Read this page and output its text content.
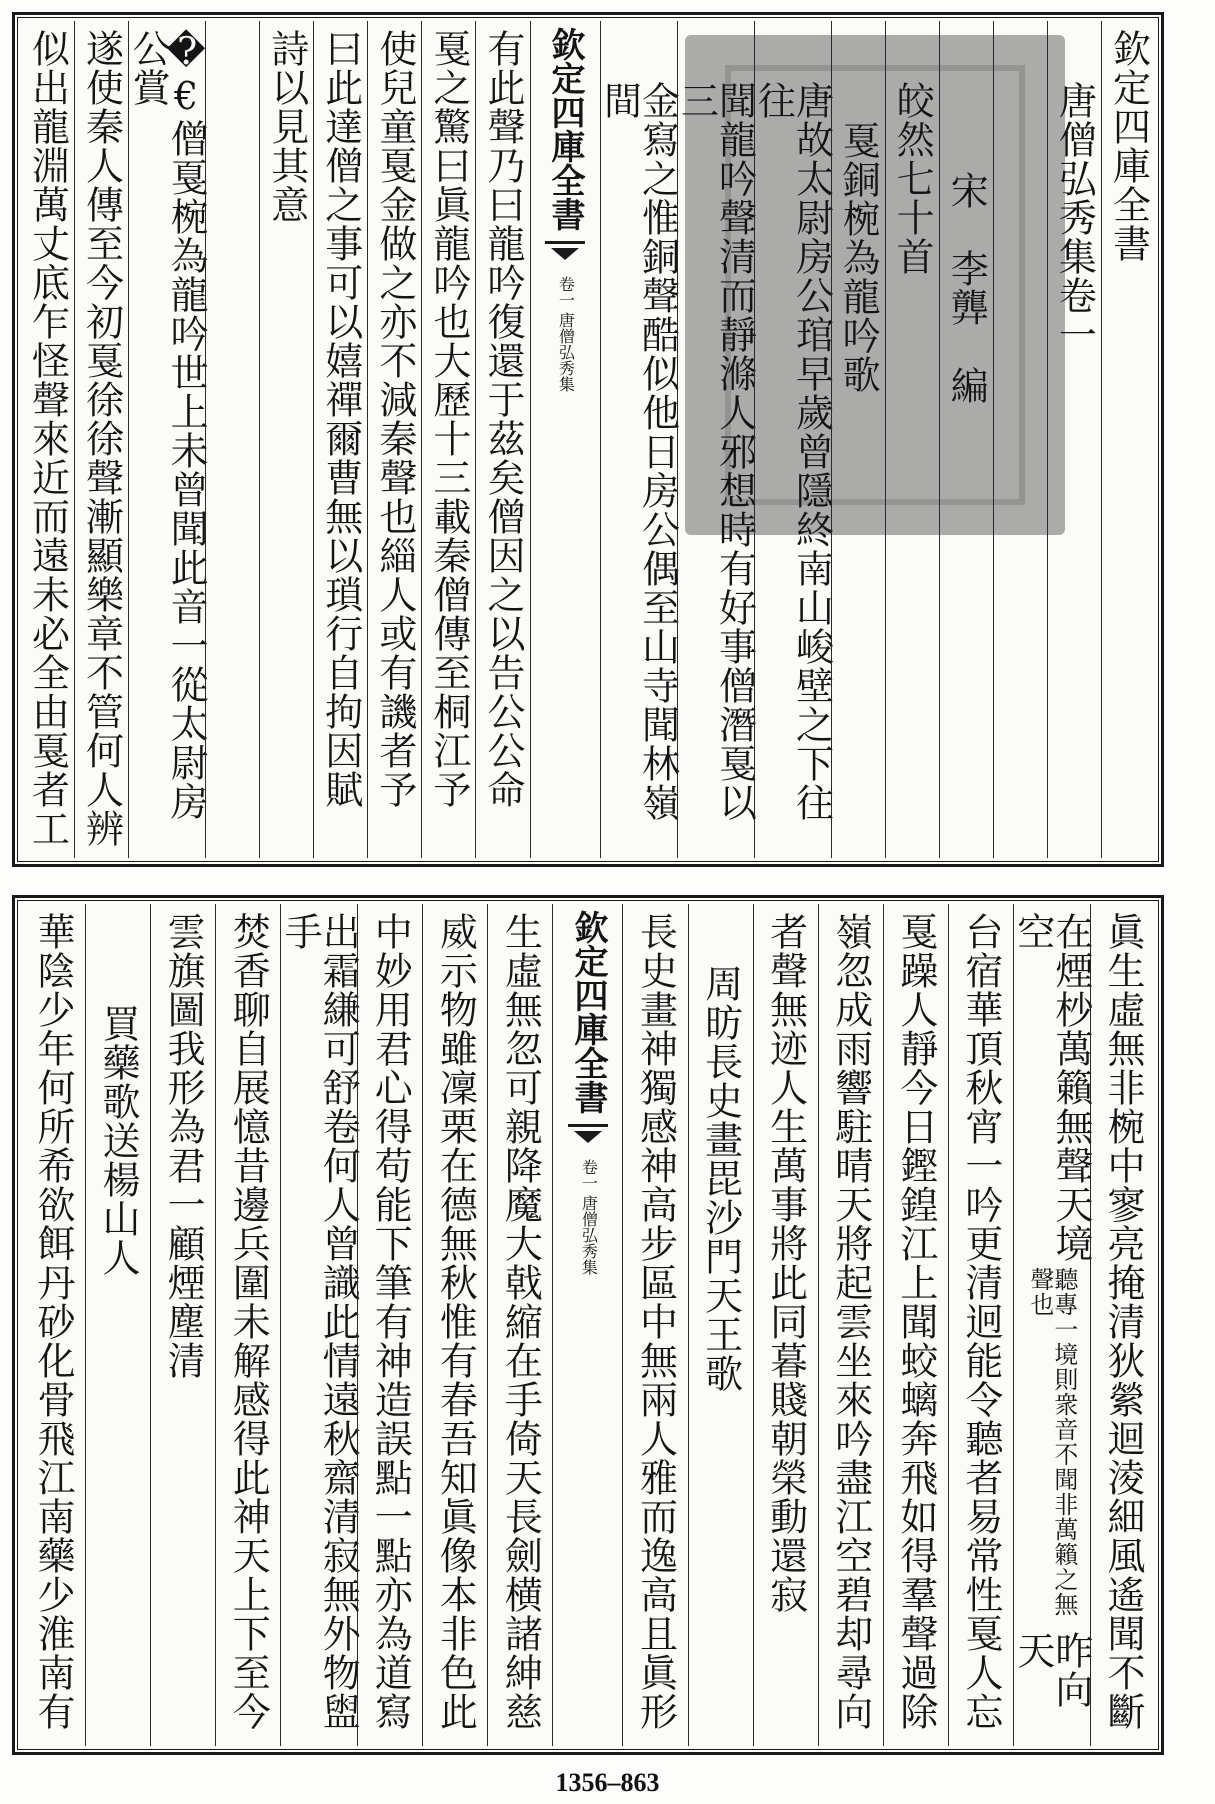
欽定四庫全書
唐僧弘秀集卷一
宋　李龏　編
皎然七十首
戛銅椀為龍吟歌
唐故太尉房公琯早歲曾隱終南山峻壁之下往往
聞龍吟聲清而靜滌人邪想時有好事僧潛戛以三
金寫之惟銅聲酷似他日房公偶至山寺聞林嶺間
欽定四庫全書
唐僧弘秀集
卷一
有此聲乃曰龍吟復還于茲矣僧因之以告公公命
戛之驚曰眞龍吟也大歷十三載秦僧傳至桐江予
使兒童戛金做之亦不減秦聲也緇人或有譏者予
曰此達僧之事可以嬉禪爾曹無以瑣行自拘因賦
詩以見其意
�€僧戛椀為龍吟世上未曾聞此音一從太尉房公賞
遂使秦人傳至今初戛徐徐聲漸顯樂章不管何人辨
似出龍淵萬丈底乍怪聲來近而遠未必全由戛者工
眞生虛無非椀中寥亮掩清狄縈迴淩細風遙聞不斷
在煙杪萬籟無聲天境空
聽專一境則衆音不聞非萬籟之無聲也
昨向天
台宿華頂秋宵一吟更清迥能令聽者易常性戛人忘
戛躁人靜今日鏗鍠江上聞蛟螭奔飛如得羣聲過除
嶺忽成雨響駐晴天將起雲坐來吟盡江空碧却尋向
者聲無迹人生萬事將此同暮賤朝榮動還寂
周昉長史畫毘沙門天王歌
長史畫神獨感神高步區中無兩人雅而逸高且眞形
欽定四庫全書
唐僧弘秀集
卷一
生虛無忽可親降魔大戟縮在手倚天長劍横諸紳慈
威示物雖凜栗在德無秋惟有春吾知眞像本非色此
中妙用君心得苟能下筆有神造誤點一點亦為道寫
出霜縑可舒卷何人曾識此情遠秋齋清寂無外物盥手
焚香聊自展憶昔邊兵圍未解感得此神天上下至今
雲旗圖我形為君一顧煙塵清
買藥歌送楊山人
華陰少年何所希欲餌丹砂化骨飛江南藥少淮南有
1356–863
